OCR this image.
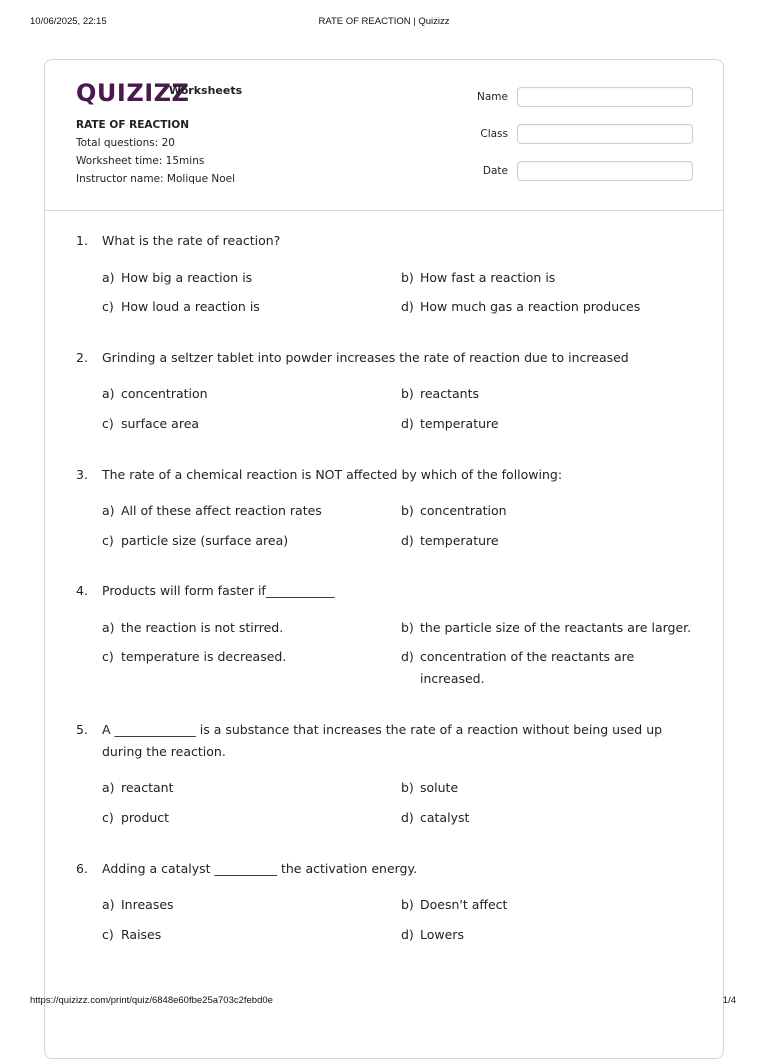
10/06/2025, 22:15	RATE OF REACTION | Quizizz
QUIZIZZ
Worksheets
RATE OF REACTION
Total questions: 20
Worksheet time: 15mins
Instructor name: Molique Noel
Name
Class
Date
1. What is the rate of reaction?
a) How big a reaction is	b) How fast a reaction is
c) How loud a reaction is	d) How much gas a reaction produces
2. Grinding a seltzer tablet into powder increases the rate of reaction due to increased
a) concentration	b) reactants
c) surface area	d) temperature
3. The rate of a chemical reaction is NOT affected by which of the following:
a) All of these affect reaction rates	b) concentration
c) particle size (surface area)	d) temperature
4. Products will form faster if___________
a) the reaction is not stirred.	b) the particle size of the reactants are larger.
c) temperature is decreased.	d) concentration of the reactants are increased.
5. A _____________ is a substance that increases the rate of a reaction without being used up during the reaction.
a) reactant	b) solute
c) product	d) catalyst
6. Adding a catalyst __________ the activation energy.
a) Inreases	b) Doesn't affect
c) Raises	d) Lowers
https://quizizz.com/print/quiz/6848e60fbe25a703c2febd0e	1/4
